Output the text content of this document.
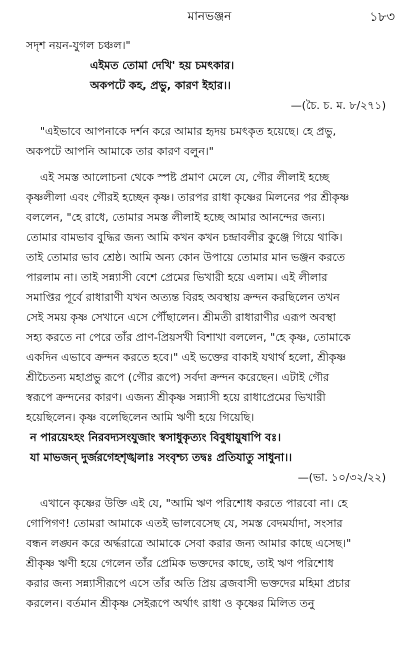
মানভঞ্জন	১৮৩

সদৃশ নয়ন-যুগল চঞ্চল।"

এইমত তোমা দেখি' হয় চমৎকার।

অকপটে কহ, প্রভু, কারণ ইহার।।

—(চৈ. চ. ম. ৮/২৭১)

"এইভাবে আপনাকে দর্শন করে আমার হৃদয় চমৎকৃত হয়েছে। হে প্রভু,

অকপটে আপনি আমাকে তার কারণ বলুন।"

এই সমস্ত আলোচনা থেকে স্পষ্ট প্রমাণ মেলে যে, গৌর লীলাই হচ্ছে

কৃষ্ণলীলা এবং গৌরই হচ্ছেন কৃষ্ণ। তারপর রাধা কৃষ্ণের মিলনের পর শ্রীকৃষ্ণ

বললেন, "হে রাধে, তোমার সমস্ত লীলাই হচ্ছে আমার আনন্দের জন্য।

তোমার বামভাব বুদ্ধির জন্য আমি কখন কখন চন্দ্রাবলীর কুঞ্জে গিয়ে থাকি।

তাই তোমার ভাব শ্রেষ্ঠ। আমি অন্য কোন উপায়ে তোমার মান ভঞ্জন করতে

পারলাম না। তাই সন্ন্যাসী বেশে প্রেমের ভিখারী হয়ে এলাম। এই লীলার

সমাপ্তির পূর্বে রাধারাণী যখন অত্যন্ত বিরহ অবস্থায় ক্রন্দন করছিলেন তখন

সেই সময় কৃষ্ণ সেখানে এসে পৌঁছালেন। শ্রীমতী রাধারাণীর এরূপ অবস্থা

সহ্য করতে না পেরে তাঁর প্রাণ-প্রিয়সখী বিশাখা বললেন, "হে কৃষ্ণ, তোমাকে

একদিন এভাবে ক্রন্দন করতে হবে।" এই ভক্তের বাকাই যথার্থ হলো, শ্রীকৃষ্ণ

শ্রীচৈতন্য মহাপ্রভু রূপে (গৌর রূপে) সর্বদা ক্রন্দন করেছেন। এটাই গৌর

স্বরূপে ক্রন্দনের কারণ। এজন্য শ্রীকৃষ্ণ সন্ন্যাসী হয়ে রাধাপ্রেমের ভিখারী

হয়েছিলেন। কৃষ্ণ বলেছিলেন আমি ঋণী হয়ে গিয়েছি।

ন পারয়েঽহং নিরবদ্যসংযুজাং স্বসাধুকৃত্যং বিবুধায়ুষাপি বঃ।

যা মাভজন্ দুর্জরগেহশৃঙ্খলাঃ সংবৃশ্চ্য তদ্বঃ প্রতিযাতু সাধুনা।।

—(ভা. ১০/৩২/২২)

এখানে কৃষ্ণের উক্তি এই যে, "আমি ঋণ পরিশোধ করতে পারবো না। হে

গোপিগণ! তোমরা আমাকে এতই ভালবেসেছ যে, সমস্ত বেদমর্যাদা, সংসার

বন্ধন লঙ্ঘন করে অর্দ্ধরাত্রে আমাকে সেবা করার জন্য আমার কাছে এসেছ।"

শ্রীকৃষ্ণ ঋণী হয়ে গেলেন তাঁর প্রেমিক ভক্তদের কাছে, তাই ঋণ পরিশোধ

করার জন্য সন্ন্যাসীরূপে এসে তাঁর অতি প্রিয় ব্রজবাসী ভক্তদের মহিমা প্রচার

করলেন। বর্তমান শ্রীকৃষ্ণ সেইরূপে অর্থাৎ রাধা ও কৃষ্ণের মিলিত তনু
